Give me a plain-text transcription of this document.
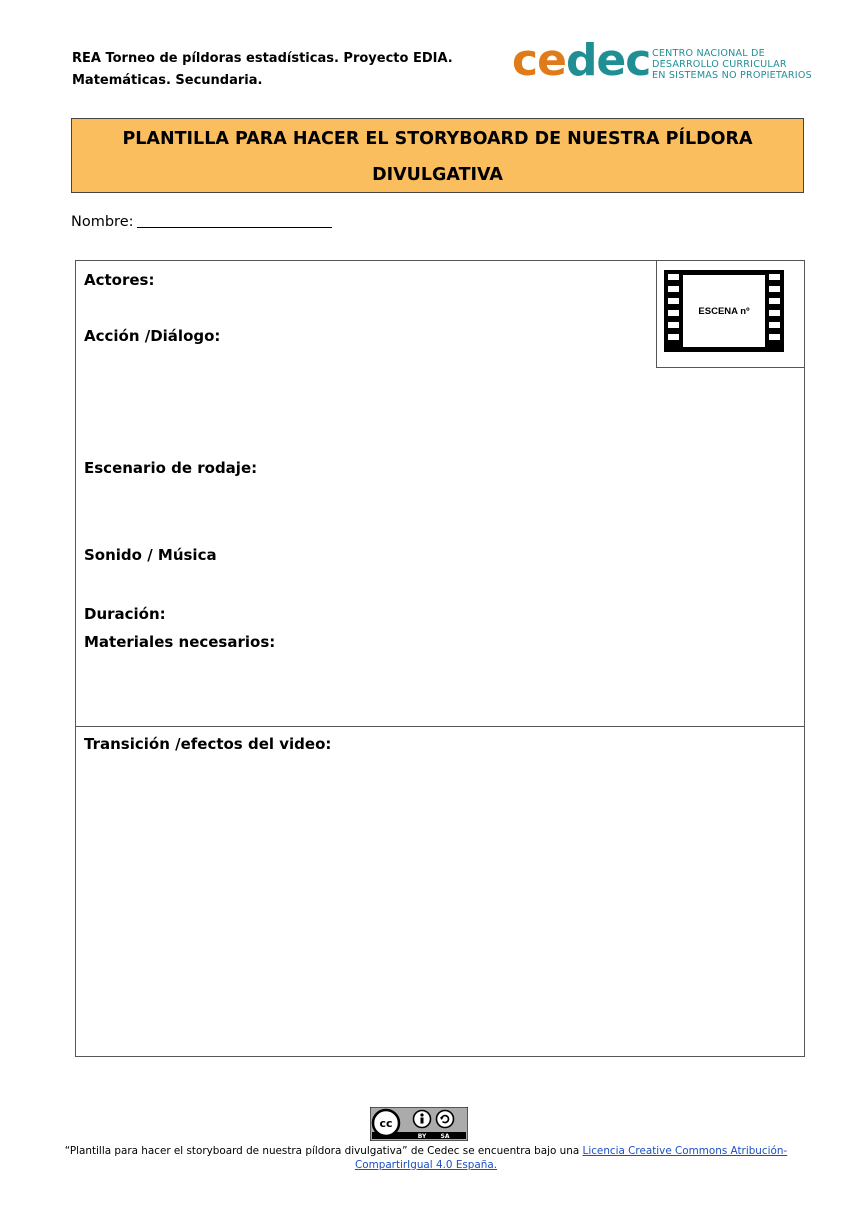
REA Torneo de píldoras estadísticas. Proyecto EDIA.
Matemáticas. Secundaria.	cedec CENTRO NACIONAL DE
DESARROLLO CURRICULAR
EN SISTEMAS NO PROPIETARIOS
PLANTILLA PARA HACER EL STORYBOARD DE NUESTRA PÍLDORA
DIVULGATIVA
Nombre:
Actores:
Acción /Diálogo:
Escenario de rodaje:
Sonido / Música
Duración:
Materiales necesarios:
ESCENA nº
Transición /efectos del video:
cc
BY SA
“Plantilla para hacer el storyboard de nuestra píldora divulgativa” de Cedec se encuentra bajo una Licencia Creative Commons Atribución-
CompartirIgual 4.0 España.
